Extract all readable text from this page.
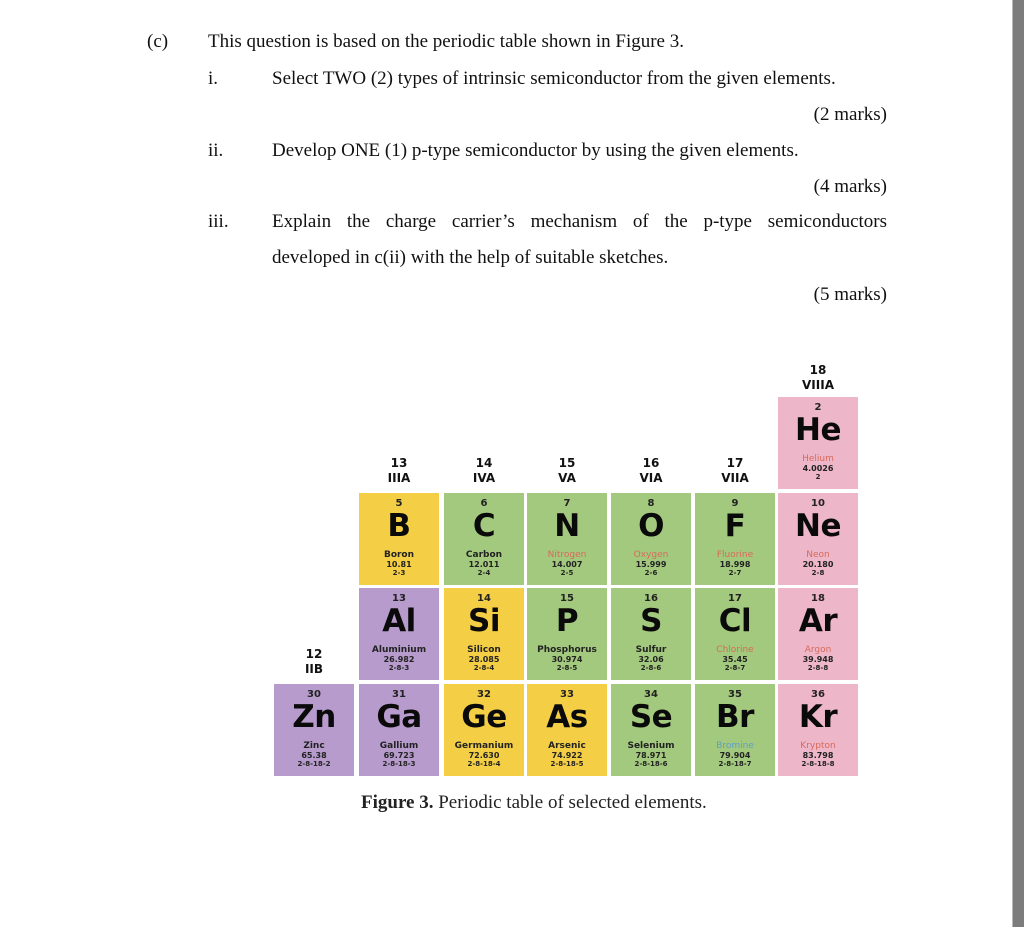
(c) This question is based on the periodic table shown in Figure 3.
i.	Select TWO (2) types of intrinsic semiconductor from the given elements.
(2 marks)
ii.	Develop ONE (1) p-type semiconductor by using the given elements.
(4 marks)
iii. Explain the charge carrier’s mechanism of the p-type semiconductors
developed in c(ii) with the help of suitable sketches.
(5 marks)
12
IIB
13
IIIA
14
IVA
15
VA
16
VIA
17
VIIA
18
VIIIA
2
He
Helium
4.0026
2
5
B
Boron
10.81
2-3
6
C
Carbon
12.011
2-4
7
N
Nitrogen
14.007
2-5
8
O
Oxygen
15.999
2-6
9
F
Fluorine
18.998
2-7
10
Ne
Neon
20.180
2-8
13
Al
Aluminium
26.982
2-8-3
14
Si
Silicon
28.085
2-8-4
15
P
Phosphorus
30.974
2-8-5
16
S
Sulfur
32.06
2-8-6
17
Cl
Chlorine
35.45
2-8-7
18
Ar
Argon
39.948
2-8-8
30
Zn
Zinc
65.38
2-8-18-2
31
Ga
Gallium
69.723
2-8-18-3
32
Ge
Germanium
72.630
2-8-18-4
33
As
Arsenic
74.922
2-8-18-5
34
Se
Selenium
78.971
2-8-18-6
35
Br
Bromine
79.904
2-8-18-7
36
Kr
Krypton
83.798
2-8-18-8
Figure 3. Periodic table of selected elements.
